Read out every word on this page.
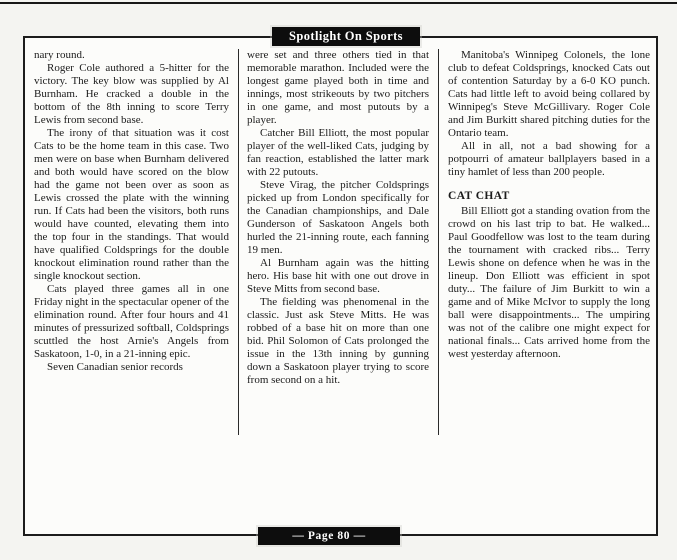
Spotlight On Sports

nary round.

Roger Cole authored a 5-hitter for the victory. The key blow was supplied by Al Burnham. He cracked a double in the bottom of the 8th inning to score Terry Lewis from second base.

The irony of that situation was it cost Cats to be the home team in this case. Two men were on base when Burnham delivered and both would have scored on the blow had the game not been over as soon as Lewis crossed the plate with the winning run. If Cats had been the visitors, both runs would have counted, elevating them into the top four in the standings. That would have qualified Coldsprings for the double knockout elimination round rather than the single knockout section.

Cats played three games all in one Friday night in the spectacular opener of the elimination round. After four hours and 41 minutes of pressurized softball, Coldsprings scuttled the host Arnie's Angels from Saskatoon, 1-0, in a 21-inning epic.

Seven Canadian senior records

were set and three others tied in that memorable marathon. Included were the longest game played both in time and innings, most strikeouts by two pitchers in one game, and most putouts by a player.

Catcher Bill Elliott, the most popular player of the well-liked Cats, judging by fan reaction, established the latter mark with 22 putouts.

Steve Virag, the pitcher Coldsprings picked up from London specifically for the Canadian championships, and Dale Gunderson of Saskatoon Angels both hurled the 21-inning route, each fanning 19 men.

Al Burnham again was the hitting hero. His base hit with one out drove in Steve Mitts from second base.

The fielding was phenomenal in the classic. Just ask Steve Mitts. He was robbed of a base hit on more than one bid. Phil Solomon of Cats prolonged the issue in the 13th inning by gunning down a Saskatoon player trying to score from second on a hit.

Manitoba's Winnipeg Colonels, the lone club to defeat Coldsprings, knocked Cats out of contention Saturday by a 6-0 KO punch. Cats had little left to avoid being collared by Winnipeg's Steve McGillivary. Roger Cole and Jim Burkitt shared pitching duties for the Ontario team.

All in all, not a bad showing for a potpourri of amateur ballplayers based in a tiny hamlet of less than 200 people.

CAT CHAT

Bill Elliott got a standing ovation from the crowd on his last trip to bat. He walked... Paul Goodfellow was lost to the team during the tournament with cracked ribs... Terry Lewis shone on defence when he was in the lineup. Don Elliott was efficient in spot duty... The failure of Jim Burkitt to win a game and of Mike McIvor to supply the long ball were disappointments... The umpiring was not of the calibre one might expect for national finals... Cats arrived home from the west yesterday afternoon.

— Page 80 —
